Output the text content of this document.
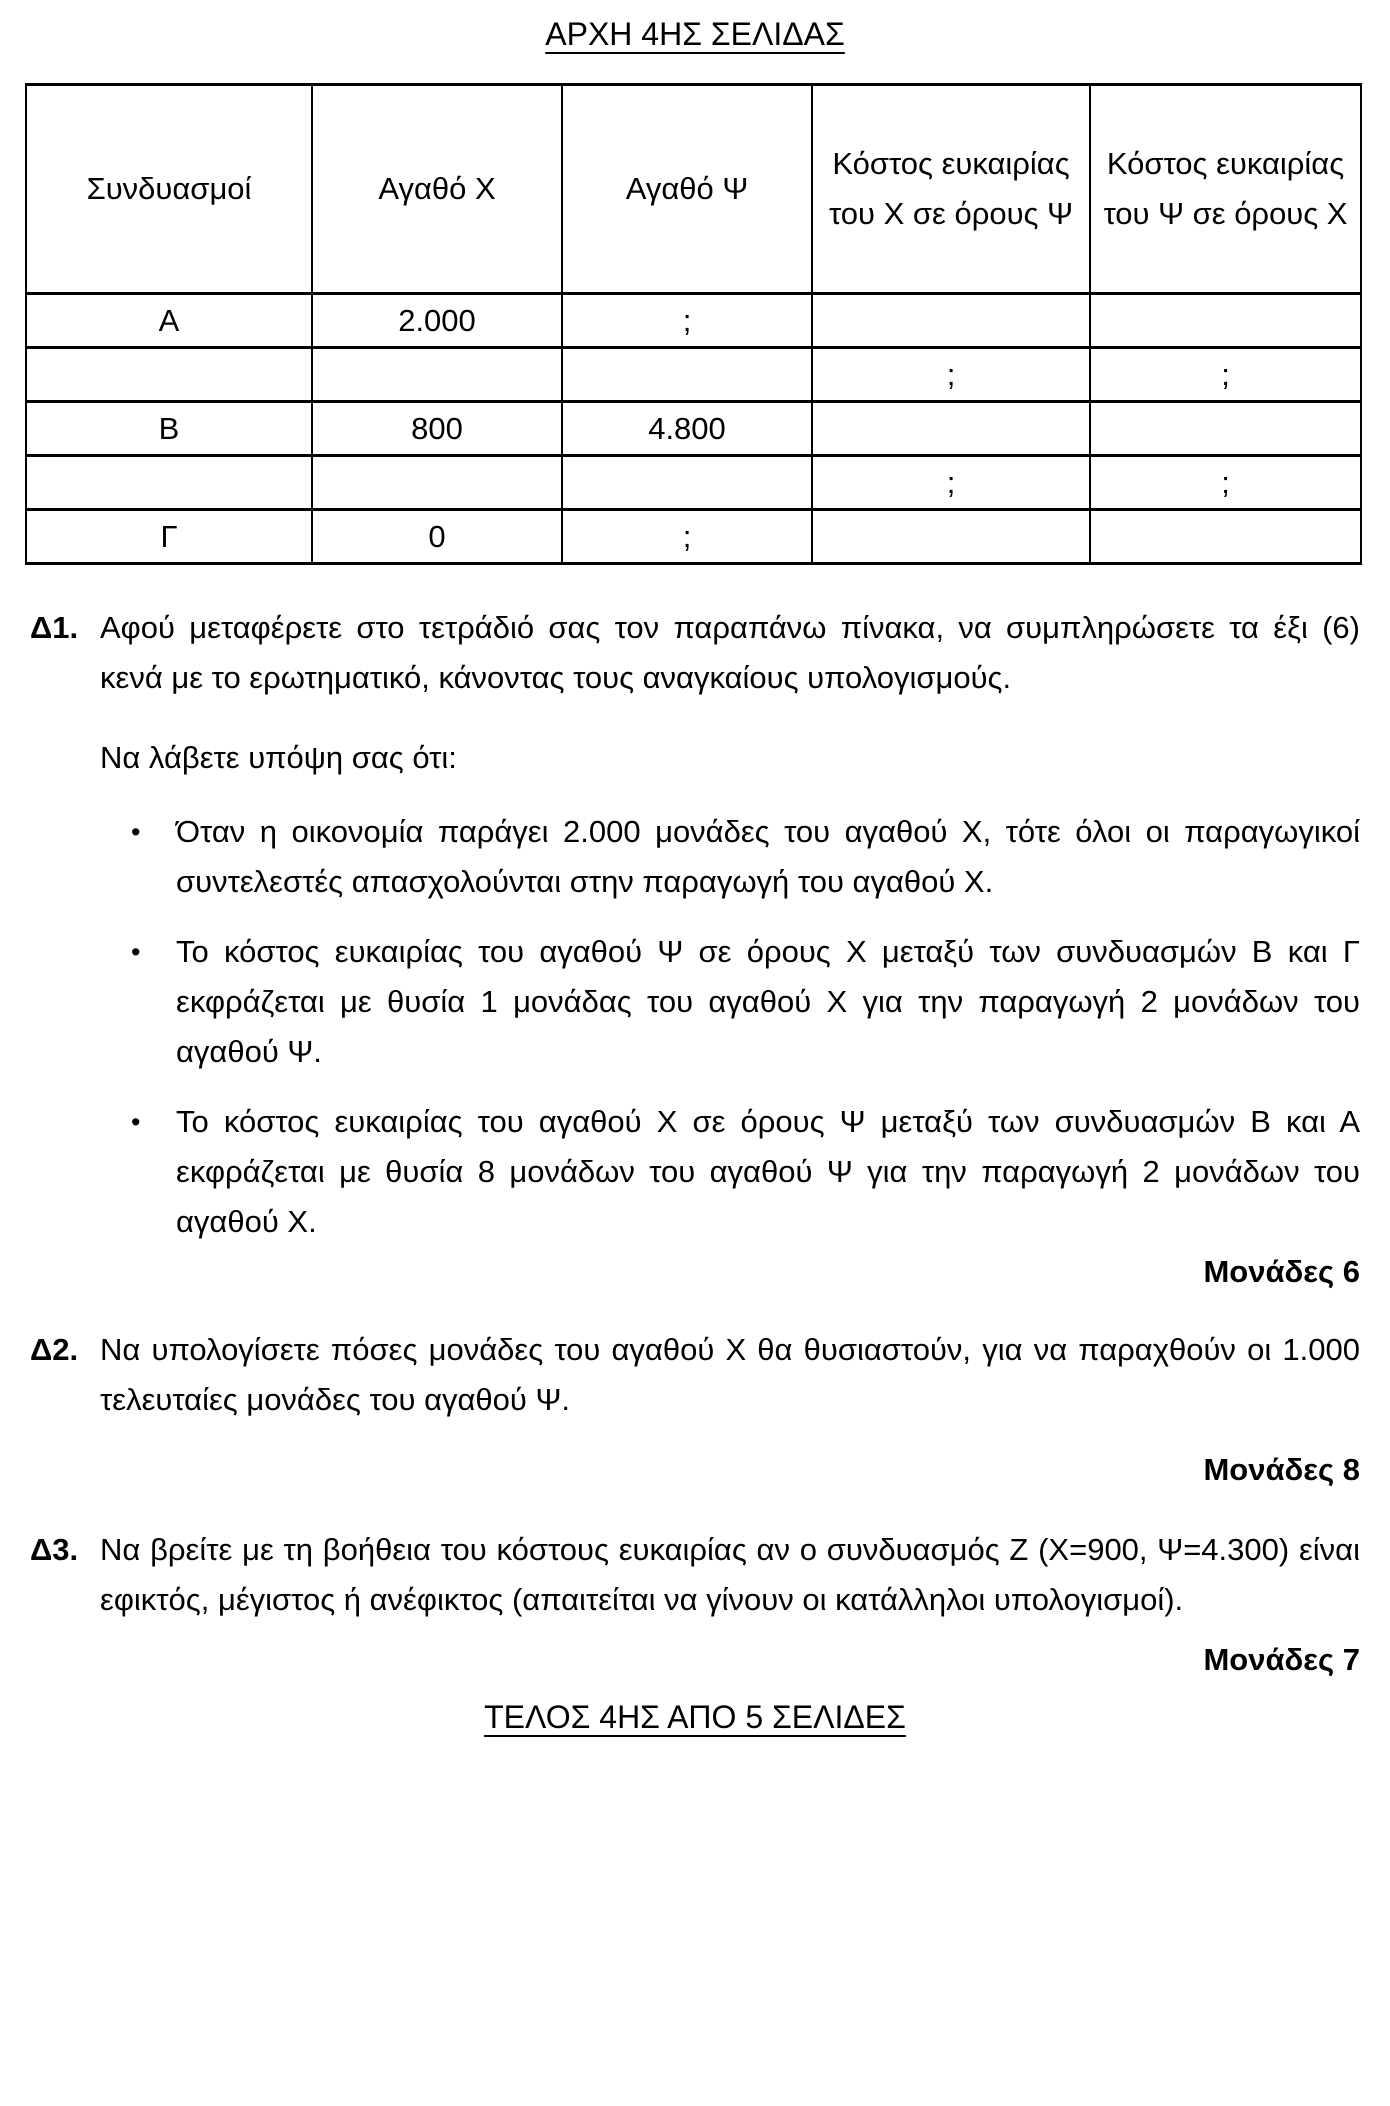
ΑΡΧΗ 4ΗΣ ΣΕΛΙΔΑΣ
Συνδυασμοί	Αγαθό Χ	Αγαθό Ψ	Κόστος ευκαιρίας του Χ σε όρους Ψ	Κόστος ευκαιρίας του Ψ σε όρους Χ
Α	2.000	;		
			;	;
Β	800	4.800		
			;	;
Γ	0	;		
Δ1. Αφού μεταφέρετε στο τετράδιό σας τον παραπάνω πίνακα, να συμπληρώσετε τα έξι (6) κενά με το ερωτηματικό, κάνοντας τους αναγκαίους υπολογισμούς.
Να λάβετε υπόψη σας ότι:
•	Όταν η οικονομία παράγει 2.000 μονάδες του αγαθού Χ, τότε όλοι οι παραγωγικοί συντελεστές απασχολούνται στην παραγωγή του αγαθού Χ.
•	Το κόστος ευκαιρίας του αγαθού Ψ σε όρους Χ μεταξύ των συνδυασμών Β και Γ εκφράζεται με θυσία 1 μονάδας του αγαθού Χ για την παραγωγή 2 μονάδων του αγαθού Ψ.
•	Το κόστος ευκαιρίας του αγαθού Χ σε όρους Ψ μεταξύ των συνδυασμών Β και Α εκφράζεται με θυσία 8 μονάδων του αγαθού Ψ για την παραγωγή 2 μονάδων του αγαθού Χ.
Μονάδες 6
Δ2. Να υπολογίσετε πόσες μονάδες του αγαθού Χ θα θυσιαστούν, για να παραχθούν οι 1.000 τελευταίες μονάδες του αγαθού Ψ.
Μονάδες 8
Δ3. Να βρείτε με τη βοήθεια του κόστους ευκαιρίας αν ο συνδυασμός Ζ (Χ=900, Ψ=4.300) είναι εφικτός, μέγιστος ή ανέφικτος (απαιτείται να γίνουν οι κατάλληλοι υπολογισμοί).
Μονάδες 7
ΤΕΛΟΣ 4ΗΣ ΑΠΟ 5 ΣΕΛΙΔΕΣ
